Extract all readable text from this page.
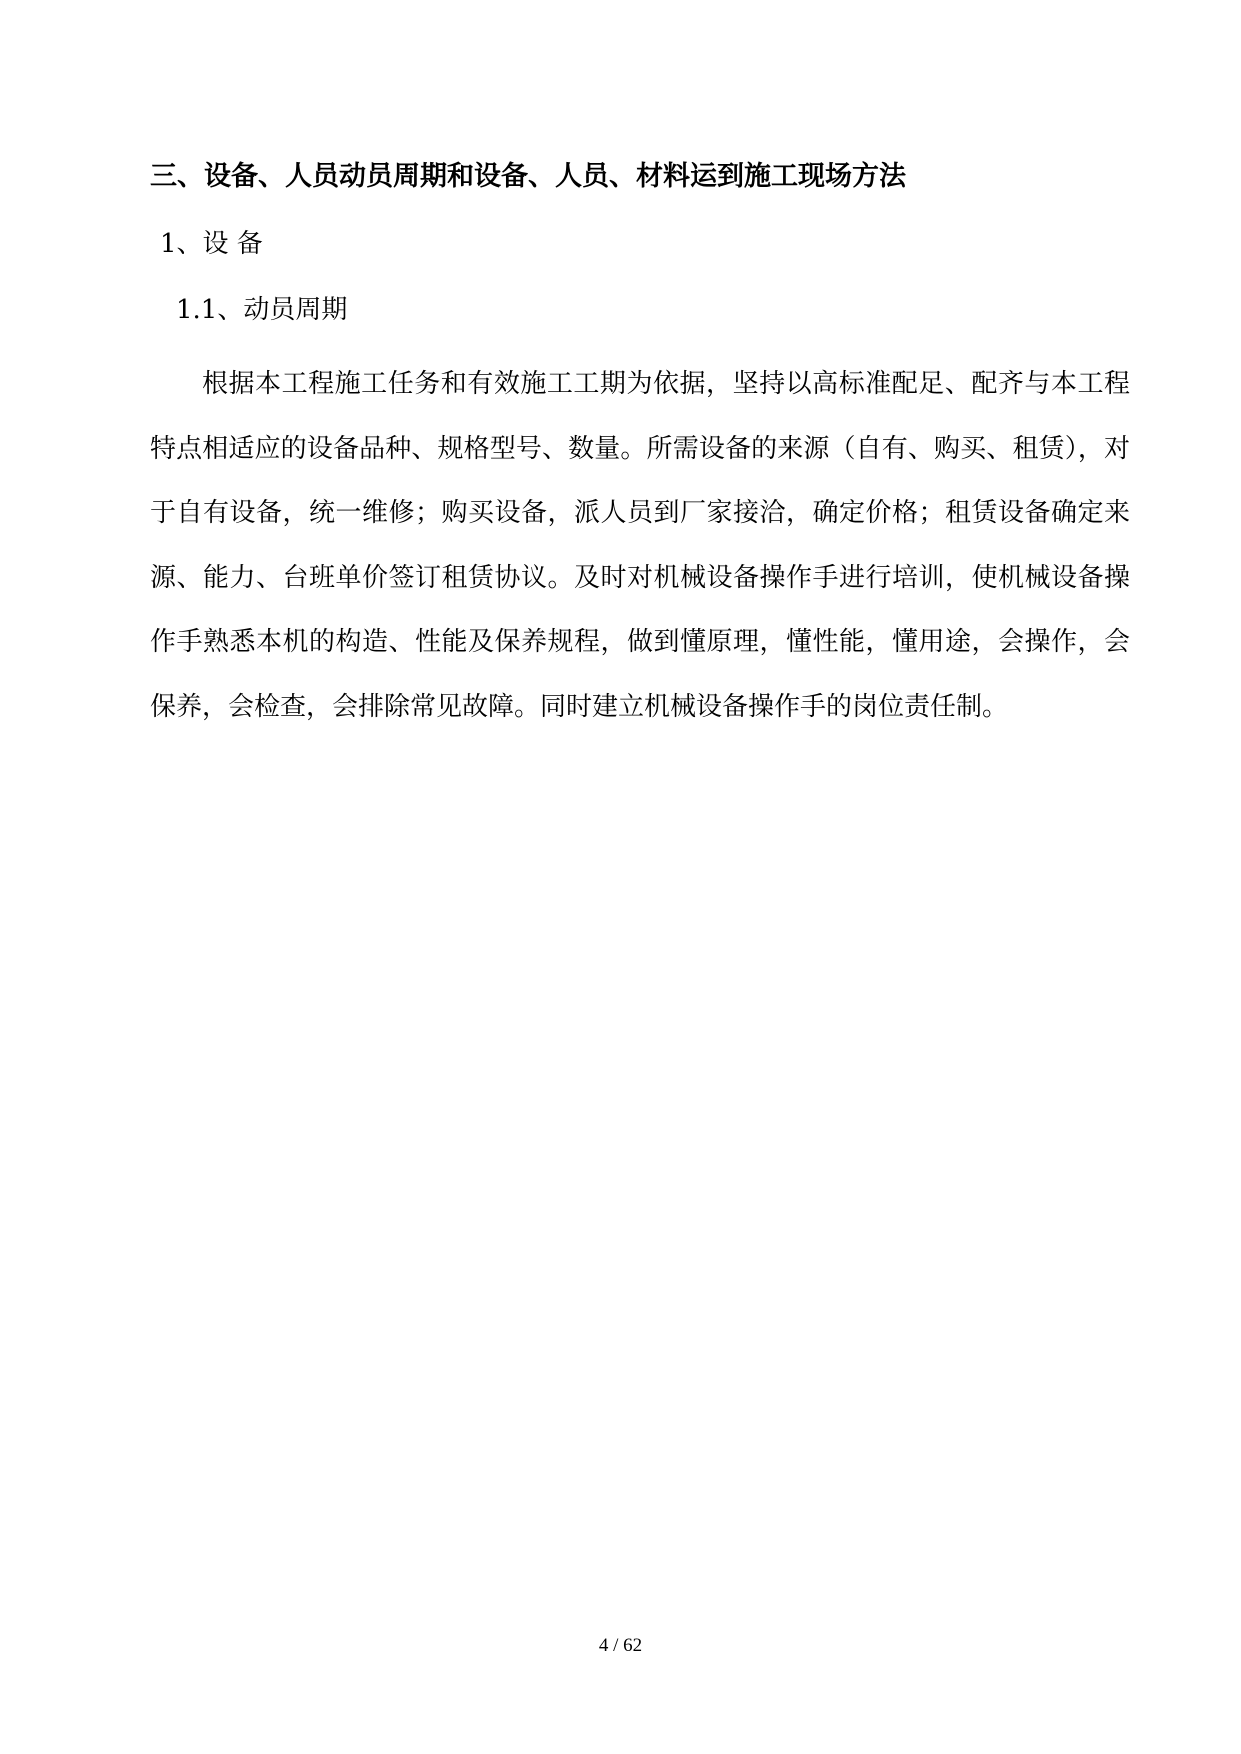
三、设备、人员动员周期和设备、人员、材料运到施工现场方法

1、设 备

1.1、动员周期

根据本工程施工任务和有效施工工期为依据，坚持以高标准配足、配齐与本工程特点相适应的设备品种、规格型号、数量。所需设备的来源（自有、购买、租赁），对于自有设备，统一维修；购买设备，派人员到厂家接洽，确定价格；租赁设备确定来源、能力、台班单价签订租赁协议。及时对机械设备操作手进行培训，使机械设备操作手熟悉本机的构造、性能及保养规程，做到懂原理，懂性能，懂用途，会操作，会保养，会检查，会排除常见故障。同时建立机械设备操作手的岗位责任制。

4 / 62
